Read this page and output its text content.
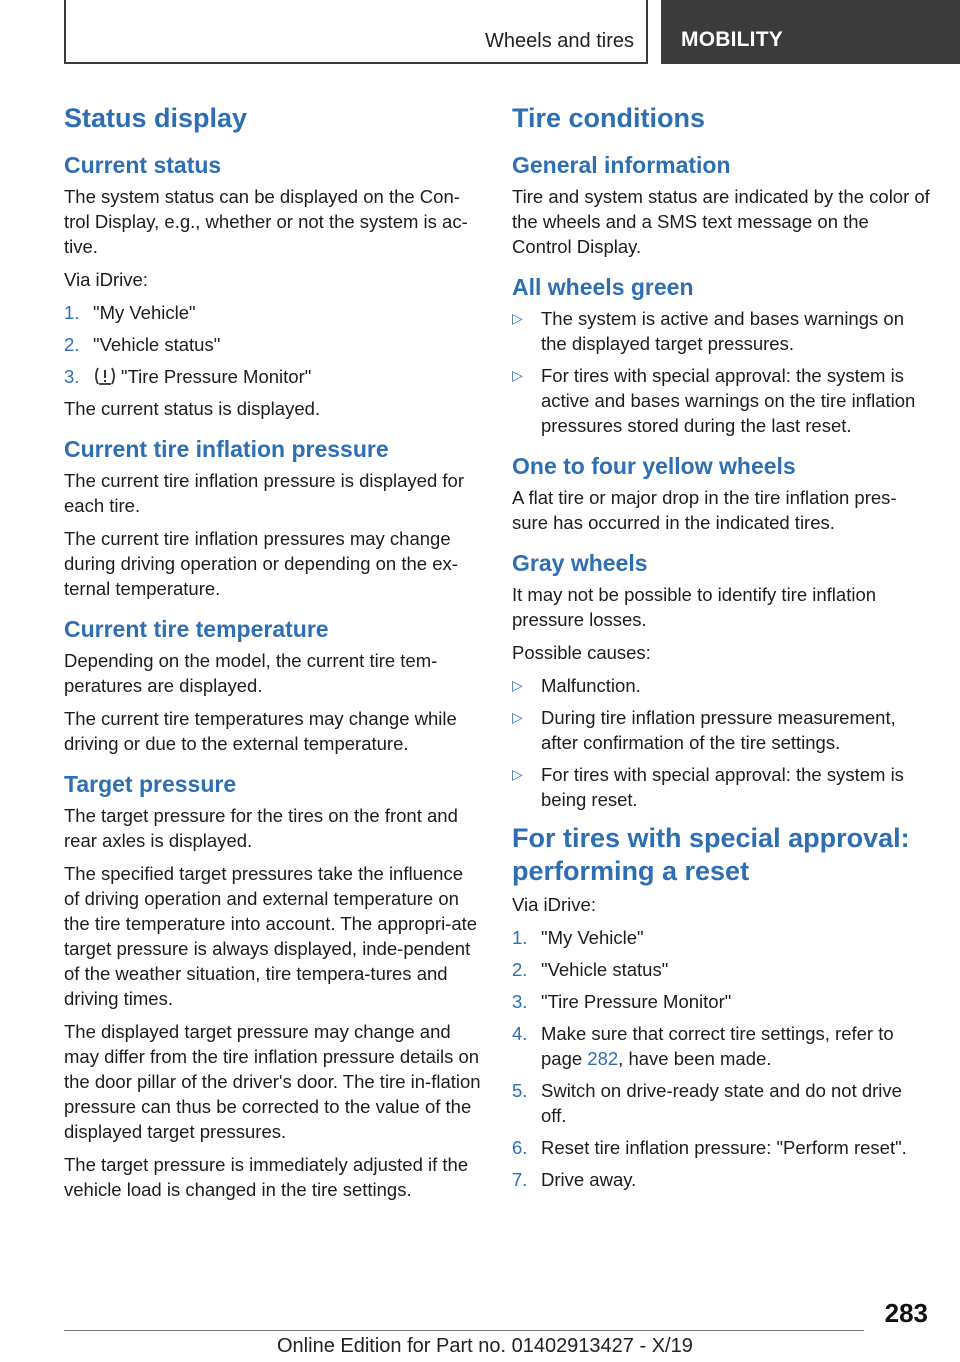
Wheels and tires MOBILITY
Status display
Current status

The system status can be displayed on the Con-trol Display, e.g., whether or not the system is ac-tive.

Via iDrive:

1. "My Vehicle"
2. "Vehicle status"
3. "Tire Pressure Monitor"

The current status is displayed.

Current tire inflation pressure

The current tire inflation pressure is displayed for each tire.

The current tire inflation pressures may change during driving operation or depending on the ex-ternal temperature.

Current tire temperature

Depending on the model, the current tire tem-peratures are displayed.

The current tire temperatures may change while driving or due to the external temperature.

Target pressure

The target pressure for the tires on the front and rear axles is displayed.

The specified target pressures take the influence of driving operation and external temperature on the tire temperature into account. The appropri-ate target pressure is always displayed, inde-pendent of the weather situation, tire tempera-tures and driving times.

The displayed target pressure may change and may differ from the tire inflation pressure details on the door pillar of the driver's door. The tire in-flation pressure can thus be corrected to the value of the displayed target pressures.

The target pressure is immediately adjusted if the vehicle load is changed in the tire settings.

Tire conditions
General information

Tire and system status are indicated by the color of the wheels and a SMS text message on the Control Display.

All wheels green
▷ The system is active and bases warnings on the displayed target pressures.
▷ For tires with special approval: the system is active and bases warnings on the tire inflation pressures stored during the last reset.
One to four yellow wheels

A flat tire or major drop in the tire inflation pres-sure has occurred in the indicated tires.

Gray wheels

It may not be possible to identify tire inflation pressure losses.

Possible causes:

▷ Malfunction.
▷ During tire inflation pressure measurement, after confirmation of the tire settings.
▷ For tires with special approval: the system is being reset.
For tires with special approval: performing a reset

Via iDrive:

1. "My Vehicle"
2. "Vehicle status"
3. "Tire Pressure Monitor"
4. Make sure that correct tire settings, refer to page 282, have been made.
5. Switch on drive-ready state and do not drive off.
6. Reset tire inflation pressure: "Perform reset".
7. Drive away.
283
Online Edition for Part no. 01402913427 - X/19
